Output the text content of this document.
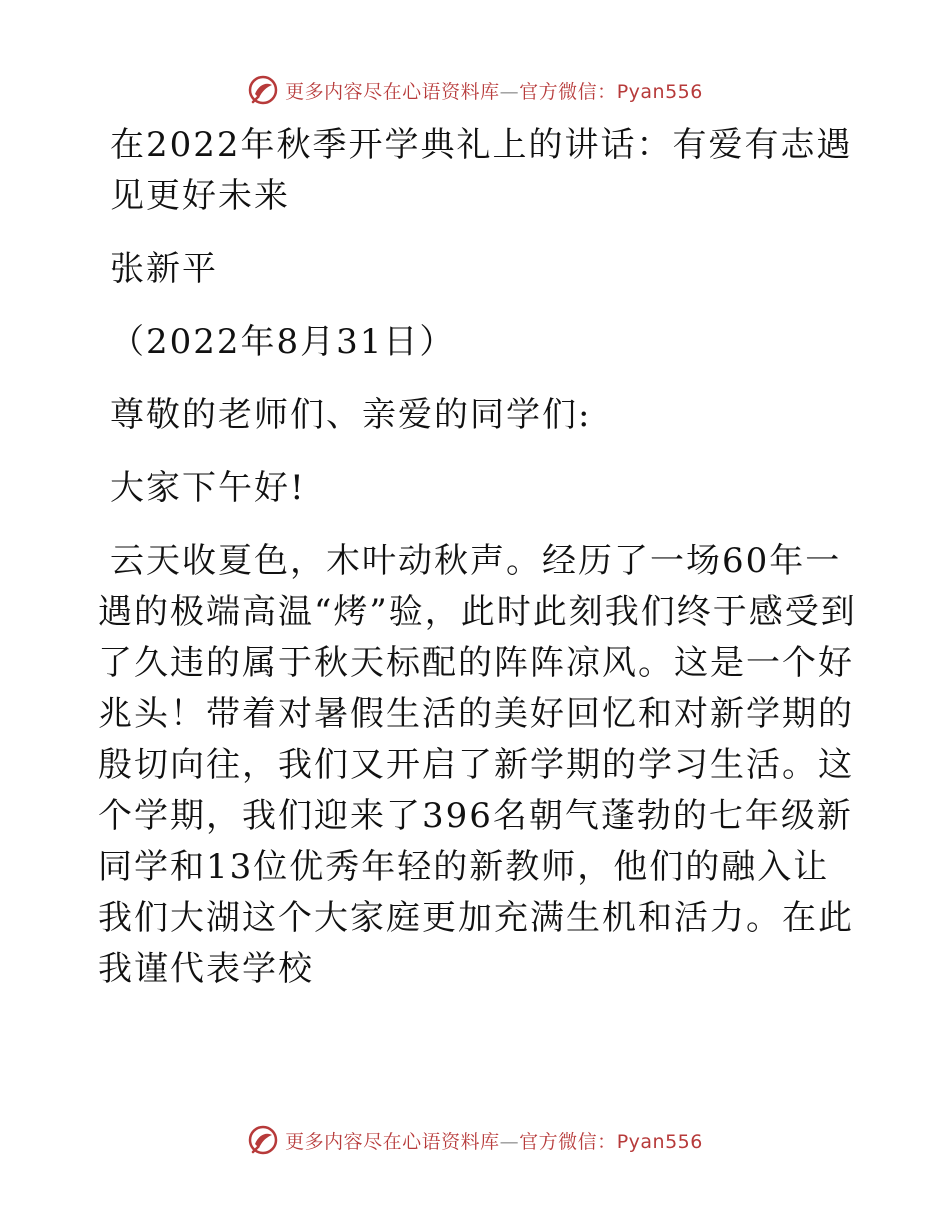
更多内容尽在心语资料库—官方微信：Pyan556

在2022年秋季开学典礼上的讲话：有爱有志遇见更好未来

张新平

（2022年8月31日）

尊敬的老师们、亲爱的同学们:

大家下午好!

云天收夏色，木叶动秋声。经历了一场60年一遇的极端高温“烤”验，此时此刻我们终于感受到了久违的属于秋天标配的阵阵凉风。这是一个好兆头！带着对暑假生活的美好回忆和对新学期的殷切向往，我们又开启了新学期的学习生活。这个学期，我们迎来了396名朝气蓬勃的七年级新同学和13位优秀年轻的新教师，他们的融入让我们大湖这个大家庭更加充满生机和活力。在此我谨代表学校

更多内容尽在心语资料库—官方微信：Pyan556
